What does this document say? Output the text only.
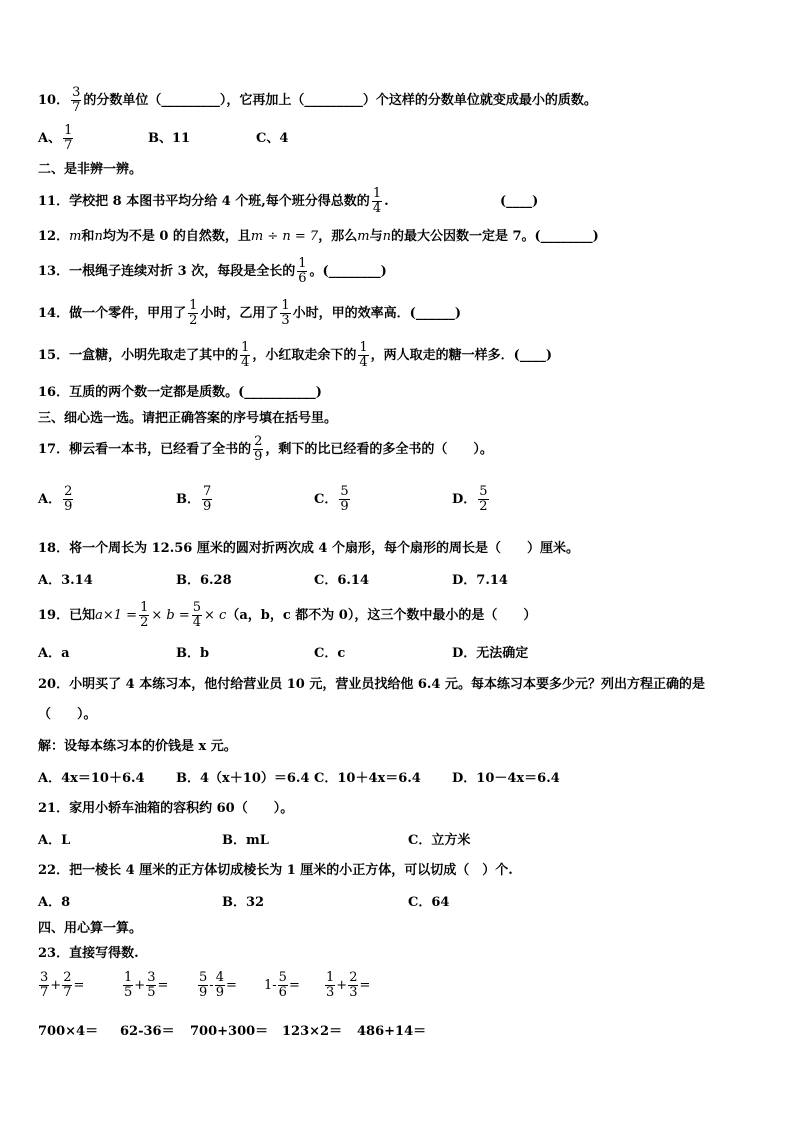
10． $\frac{3}{7}$ 的分数单位（_________），它再加上（_________）个这样的分数单位就变成最小的质数。
A、 $\frac{1}{7}$	B、11	C、4
二、是非辨一辨。
11．学校把 8 本图书平均分给 4 个班,每个班分得总数的 $\frac{1}{4}$ .	(____)
12．m和n均为不是 0 的自然数，且m ÷ n = 7，那么m与n的最大公因数一定是 7。(________)
13．一根绳子连续对折 3 次，每段是全长的 $\frac{1}{6}$ 。(________)
14．做一个零件，甲用了 $\frac{1}{2}$ 小时，乙用了 $\frac{1}{3}$ 小时，甲的效率高．(______)
15．一盒糖，小明先取走了其中的 $\frac{1}{4}$ ，小红取走余下的 $\frac{1}{4}$ ，两人取走的糖一样多．(____)
16．互质的两个数一定都是质数。(___________)
三、细心选一选。请把正确答案的序号填在括号里。
17．柳云看一本书，已经看了全书的 $\frac{2}{9}$ ，剩下的比已经看的多全书的（　　）。
A． $\frac{2}{9}$	B． $\frac{7}{9}$	C． $\frac{5}{9}$	D． $\frac{5}{2}$
18．将一个周长为 12.56 厘米的圆对折两次成 4 个扇形，每个扇形的周长是（　　）厘米。
A．3.14	B．6.28	C．6.14	D．7.14
19．已知$a\times 1 = \frac{1}{2} \times b = \frac{5}{4} \times c(a$，b，c 都不为 0），这三个数中最小的是（　　）
A．a	B．b	C．c	D．无法确定
20．小明买了 4 本练习本，他付给营业员 10 元，营业员找给他 6.4 元。每本练习本要多少元？列出方程正确的是
（　　）。
解：设每本练习本的价钱是 x 元。
A．4x＝10＋6.4 B．4（x＋10）＝6.4 C．10＋4x＝6.4 D．10－4x＝6.4
21．家用小轿车油箱的容积约 60（　　）。
A．L	B．mL	C．立方米
22．把一棱长 4 厘米的正方体切成棱长为 1 厘米的小正方体，可以切成（　）个.
A．8	B．32	C．64
四、用心算一算。
23．直接写得数.
$\frac{3}{7} + \frac{2}{7}$ =	$\frac{1}{5} + \frac{3}{5} = \frac{5}{9} - \frac{4}{9} = 1- \frac{5}{6} = \frac{1}{3} + \frac{2}{3}$ =
700×4＝ 62-36＝ 700+300＝ 123×2＝ 486+14＝
